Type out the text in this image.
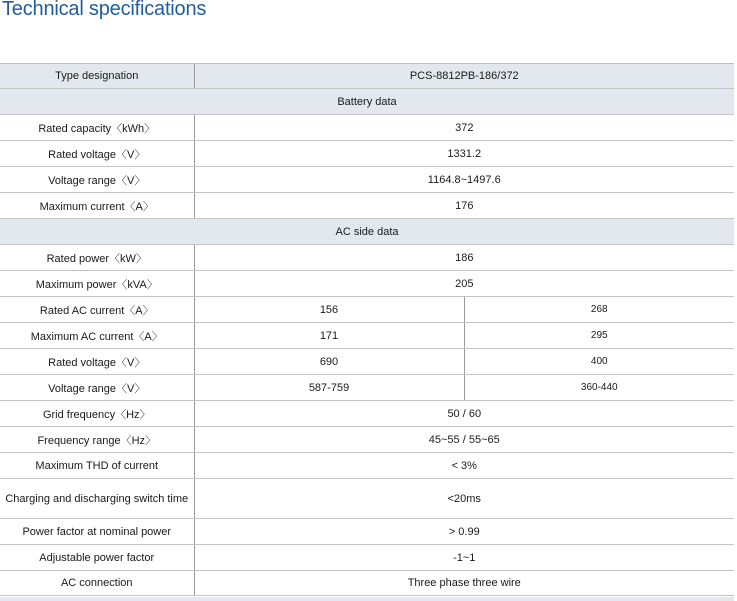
Technical specifications
Type designation	PCS-8812PB-186/372	
Battery data		
Rated capacity〈kWh〉	372	
Rated voltage〈V〉	1331.2	
Voltage range〈V〉	1164.8~1497.6	
Maximum current〈A〉	176	
AC side data		
Rated power〈kW〉	186	
Maximum power〈kVA〉	205	
Rated AC current〈A〉	156	268
Maximum AC current〈A〉	171	295
Rated voltage〈V〉	690	400
Voltage range〈V〉	587-759	360-440
Grid frequency〈Hz〉	50 / 60	
Frequency range〈Hz〉	45~55 / 55~65	
Maximum THD of current	< 3%	
Charging and discharging switch time	<20ms	
Power factor at nominal power	> 0.99	
Adjustable power factor	-1~1	
AC connection	Three phase three wire	
